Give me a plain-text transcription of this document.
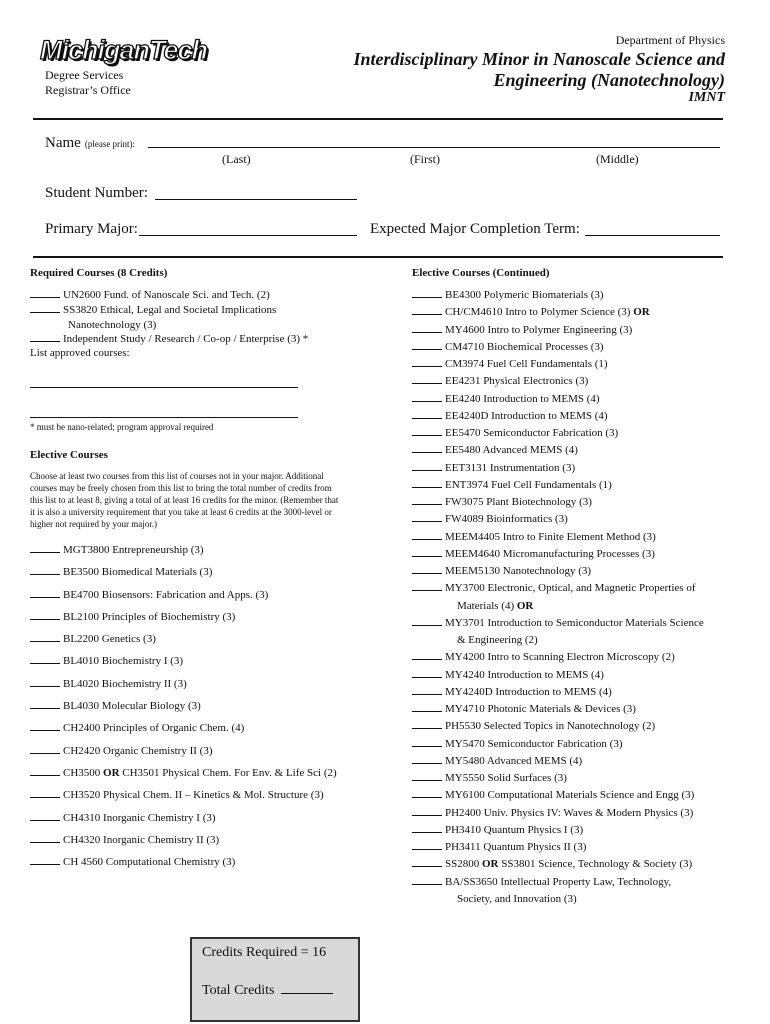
MichiganTech
Degree Services
Registrar’s Office
Department of Physics
Interdisciplinary Minor in Nanoscale Science and
Engineering (Nanotechnology)
IMNT
Name (please print):
(Last)	(First)	(Middle)
Student Number:
Primary Major:	Expected Major Completion Term:
Required Courses (8 Credits)
UN2600 Fund. of Nanoscale Sci. and Tech. (2)
SS3820 Ethical, Legal and Societal Implications
Nanotechnology (3)
Independent Study / Research / Co-op / Enterprise (3) *
List approved courses:
* must be nano-related; program approval required
Elective Courses
Choose at least two courses from this list of courses not in your major. Additional
courses may be freely chosen from this list to bring the total number of credits from
this list to at least 8, giving a total of at least 16 credits for the minor. (Remember that
it is also a university requirement that you take at least 6 credits at the 3000-level or
higher not required by your major.)
MGT3800 Entrepreneurship (3)
BE3500 Biomedical Materials (3)
BE4700 Biosensors: Fabrication and Apps. (3)
BL2100 Principles of Biochemistry (3)
BL2200 Genetics (3)
BL4010 Biochemistry I (3)
BL4020 Biochemistry II (3)
BL4030 Molecular Biology (3)
CH2400 Principles of Organic Chem. (4)
CH2420 Organic Chemistry II (3)
CH3500 OR CH3501 Physical Chem. For Env. & Life Sci (2)
CH3520 Physical Chem. II – Kinetics & Mol. Structure (3)
CH4310 Inorganic Chemistry I (3)
CH4320 Inorganic Chemistry II (3)
CH 4560 Computational Chemistry (3)
Elective Courses (Continued)
BE4300 Polymeric Biomaterials (3)
CH/CM4610 Intro to Polymer Science (3) OR
MY4600 Intro to Polymer Engineering (3)
CM4710 Biochemical Processes (3)
CM3974 Fuel Cell Fundamentals (1)
EE4231 Physical Electronics (3)
EE4240 Introduction to MEMS (4)
EE4240D Introduction to MEMS (4)
EE5470 Semiconductor Fabrication (3)
EE5480 Advanced MEMS (4)
EET3131 Instrumentation (3)
ENT3974 Fuel Cell Fundamentals (1)
FW3075 Plant Biotechnology (3)
FW4089 Bioinformatics (3)
MEEM4405 Intro to Finite Element Method (3)
MEEM4640 Micromanufacturing Processes (3)
MEEM5130 Nanotechnology (3)
MY3700 Electronic, Optical, and Magnetic Properties of
Materials (4) OR
MY3701 Introduction to Semiconductor Materials Science
& Engineering (2)
MY4200 Intro to Scanning Electron Microscopy (2)
MY4240 Introduction to MEMS (4)
MY4240D Introduction to MEMS (4)
MY4710 Photonic Materials & Devices (3)
PH5530 Selected Topics in Nanotechnology (2)
MY5470 Semiconductor Fabrication (3)
MY5480 Advanced MEMS (4)
MY5550 Solid Surfaces (3)
MY6100 Computational Materials Science and Engg (3)
PH2400 Univ. Physics IV: Waves & Modern Physics (3)
PH3410 Quantum Physics I (3)
PH3411 Quantum Physics II (3)
SS2800 OR SS3801 Science, Technology & Society (3)
BA/SS3650 Intellectual Property Law, Technology,
Society, and Innovation (3)
Credits Required = 16
Total Credits
